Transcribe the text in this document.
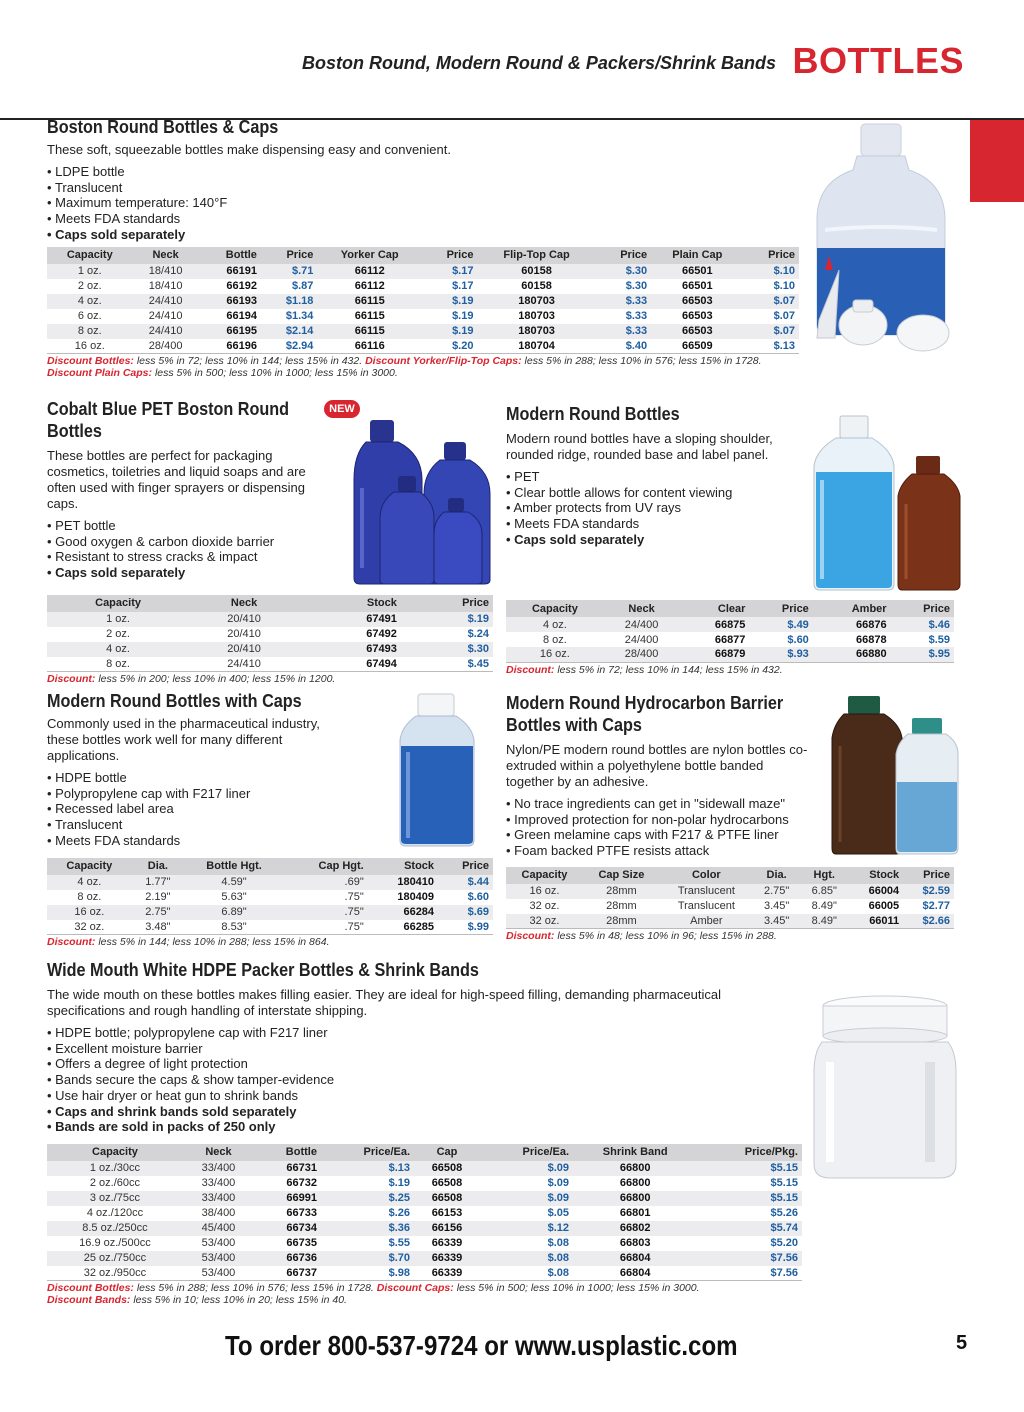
Boston Round, Modern Round & Packers/Shrink Bands BOTTLES
Boston Round Bottles & Caps
These soft, squeezable bottles make dispensing easy and convenient.
• LDPE bottle
• Translucent
• Maximum temperature: 140°F
• Meets FDA standards
• Caps sold separately
Capacity	Neck	Bottle	Price	Yorker Cap	Price	Flip-Top Cap	Price	Plain Cap	Price
1 oz.	18/410	66191	$.71	66112	$.17	60158	$.30	66501	$.10
2 oz.	18/410	66192	$.87	66112	$.17	60158	$.30	66501	$.10
4 oz.	24/410	66193	$1.18	66115	$.19	180703	$.33	66503	$.07
6 oz.	24/410	66194	$1.34	66115	$.19	180703	$.33	66503	$.07
8 oz.	24/410	66195	$2.14	66115	$.19	180703	$.33	66503	$.07
16 oz.	28/400	66196	$2.94	66116	$.20	180704	$.40	66509	$.13
Discount Bottles: less 5% in 72; less 10% in 144; less 15% in 432. Discount Yorker/Flip-Top Caps: less 5% in 288; less 10% in 576; less 15% in 1728. Discount Plain Caps: less 5% in 500; less 10% in 1000; less 15% in 3000.
Cobalt Blue PET Boston Round
Bottles
These bottles are perfect for packaging cosmetics, toiletries and liquid soaps and are often used with finger sprayers or dispensing caps.
• PET bottle
• Good oxygen & carbon dioxide barrier
• Resistant to stress cracks & impact
• Caps sold separately
Capacity	Neck	Stock	Price
1 oz.	20/410	67491	$.19
2 oz.	20/410	67492	$.24
4 oz.	20/410	67493	$.30
8 oz.	24/410	67494	$.45
Discount: less 5% in 200; less 10% in 400; less 15% in 1200.
NEW	Modern Round Bottles
Modern round bottles have a sloping shoulder, rounded ridge, rounded base and label panel.
• PET
• Clear bottle allows for content viewing
• Amber protects from UV rays
• Meets FDA standards
• Caps sold separately
Capacity	Neck	Clear	Price	Amber	Price
4 oz.	24/400	66875	$.49	66876	$.46
8 oz.	24/400	66877	$.60	66878	$.59
16 oz.	28/400	66879	$.93	66880	$.95
Discount: less 5% in 72; less 10% in 144; less 15% in 432.
Modern Round Bottles with Caps
Commonly used in the pharmaceutical industry, these bottles work well for many different applications.
• HDPE bottle
• Polypropylene cap with F217 liner
• Recessed label area
• Translucent
• Meets FDA standards
Capacity	Dia.	Bottle Hgt.	Cap Hgt.	Stock	Price
4 oz.	1.77"	4.59"	.69"	180410	$.44
8 oz.	2.19"	5.63"	.75"	180409	$.60
16 oz.	2.75"	6.89"	.75"	66284	$.69
32 oz.	3.48"	8.53"	.75"	66285	$.99
Discount: less 5% in 144; less 10% in 288; less 15% in 864.
Modern Round Hydrocarbon Barrier
Bottles with Caps
Nylon/PE modern round bottles are nylon bottles co-extruded within a polyethylene bottle banded together by an adhesive.
• No trace ingredients can get in "sidewall maze"
• Improved protection for non-polar hydrocarbons
• Green melamine caps with F217 & PTFE liner
• Foam backed PTFE resists attack
Capacity	Cap Size	Color	Dia.	Hgt.	Stock	Price
16 oz.	28mm	Translucent	2.75"	6.85"	66004	$2.59
32 oz.	28mm	Translucent	3.45"	8.49"	66005	$2.77
32 oz.	28mm	Amber	3.45"	8.49"	66011	$2.66
Discount: less 5% in 48; less 10% in 96; less 15% in 288.
Wide Mouth White HDPE Packer Bottles & Shrink Bands
The wide mouth on these bottles makes filling easier. They are ideal for high-speed filling, demanding pharmaceutical specifications and rough handling of interstate shipping.
• HDPE bottle; polypropylene cap with F217 liner
• Excellent moisture barrier
• Offers a degree of light protection
• Bands secure the caps & show tamper-evidence
• Use hair dryer or heat gun to shrink bands
• Caps and shrink bands sold separately
• Bands are sold in packs of 250 only
Capacity	Neck	Bottle	Price/Ea.	Cap	Price/Ea.	Shrink Band	Price/Pkg.
1 oz./30cc	33/400	66731	$.13	66508	$.09	66800	$5.15
2 oz./60cc	33/400	66732	$.19	66508	$.09	66800	$5.15
3 oz./75cc	33/400	66991	$.25	66508	$.09	66800	$5.15
4 oz./120cc	38/400	66733	$.26	66153	$.05	66801	$5.26
8.5 oz./250cc	45/400	66734	$.36	66156	$.12	66802	$5.74
16.9 oz./500cc	53/400	66735	$.55	66339	$.08	66803	$5.20
25 oz./750cc	53/400	66736	$.70	66339	$.08	66804	$7.56
32 oz./950cc	53/400	66737	$.98	66339	$.08	66804	$7.56
Discount Bottles: less 5% in 288; less 10% in 576; less 15% in 1728. Discount Caps: less 5% in 500; less 10% in 1000; less 15% in 3000.
Discount Bands: less 5% in 10; less 10% in 20; less 15% in 40.
To order 800-537-9724 or www.usplastic.com	5
